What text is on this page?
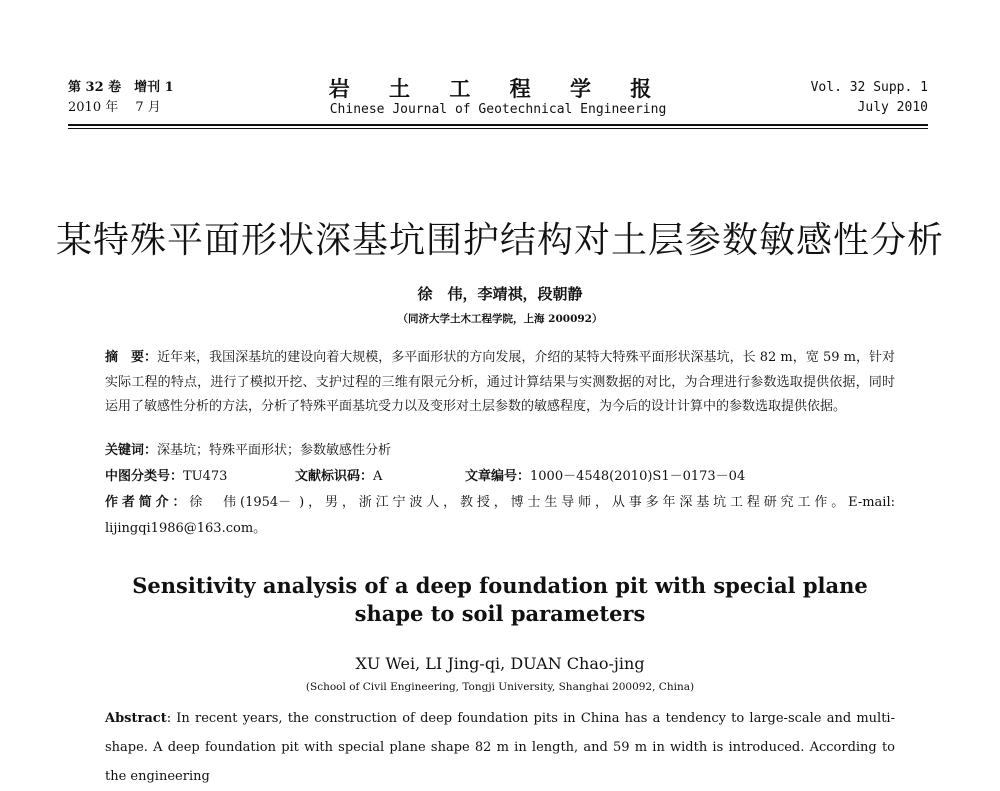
第 32 卷　增刊 1
2010 年　 7 月
岩 土 工 程 学 报
Chinese Journal of Geotechnical Engineering
Vol. 32 Supp. 1
July 2010
某特殊平面形状深基坑围护结构对土层参数敏感性分析
徐　伟，李靖祺，段朝静
（同济大学土木工程学院，上海 200092）
摘　要：近年来，我国深基坑的建设向着大规模，多平面形状的方向发展，介绍的某特大特殊平面形状深基坑，长 82 m，宽 59 m，针对实际工程的特点，进行了模拟开挖、支护过程的三维有限元分析，通过计算结果与实测数据的对比，为合理进行参数选取提供依据，同时运用了敏感性分析的方法，分析了特殊平面基坑受力以及变形对土层参数的敏感程度，为今后的设计计算中的参数选取提供依据。
关键词：深基坑；特殊平面形状；参数敏感性分析
中图分类号：TU473	文献标识码：A	文章编号：1000－4548(2010)S1－0173－04
作者简介：徐　伟(1954－ )，男，浙江宁波人，教授，博士生导师，从事多年深基坑工程研究工作。E-mail: lijingqi1986@163.com。
Sensitivity analysis of a deep foundation pit with special plane shape to soil parameters
XU Wei, LI Jing-qi, DUAN Chao-jing
(School of Civil Engineering, Tongji University, Shanghai 200092, China)
Abstract: In recent years, the construction of deep foundation pits in China has a tendency to large-scale and multi-shape. A deep foundation pit with special plane shape 82 m in length, and 59 m in width is introduced. According to the engineering
